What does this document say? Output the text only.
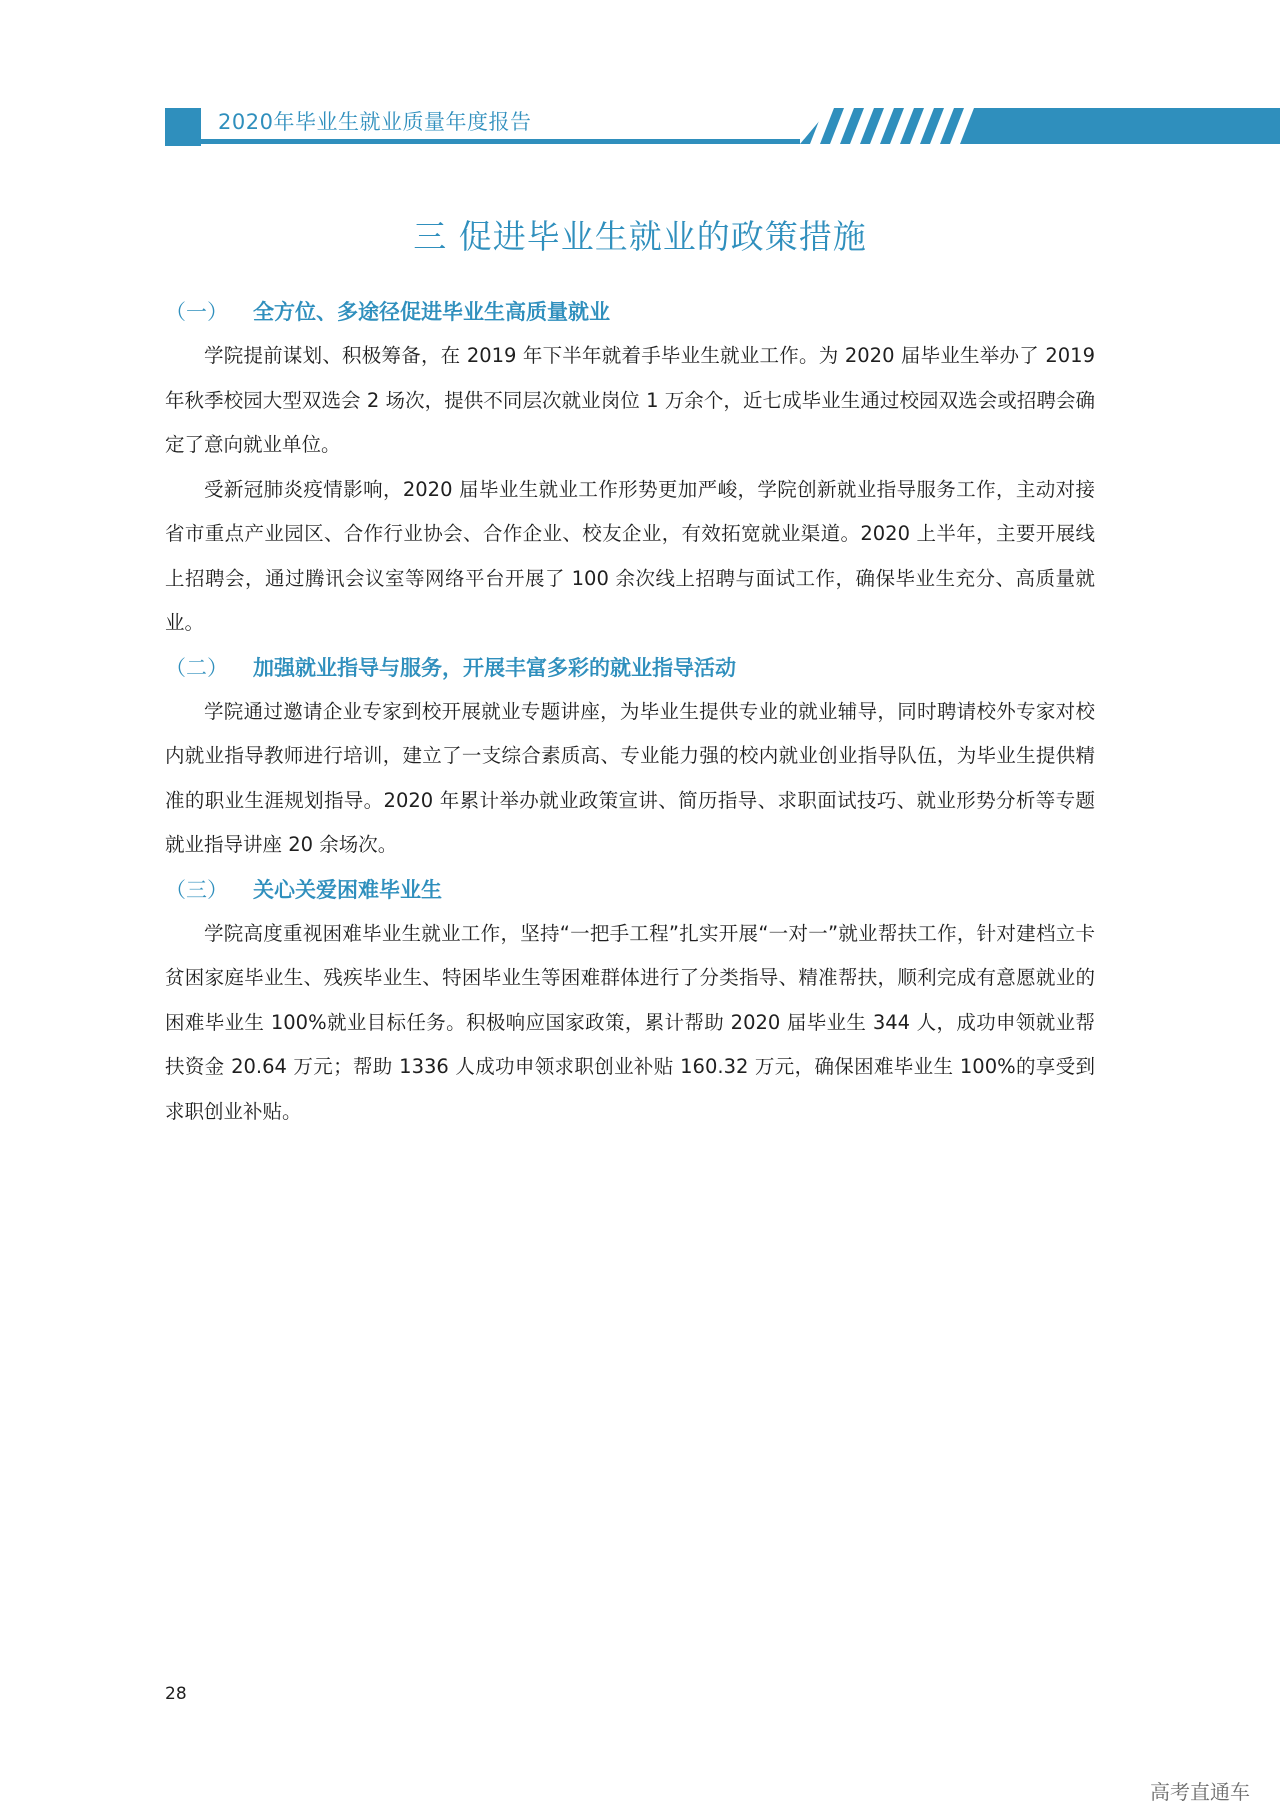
2020年毕业生就业质量年度报告
三 促进毕业生就业的政策措施
（一） 全方位、多途径促进毕业生高质量就业

学院提前谋划、积极筹备，在 2019 年下半年就着手毕业生就业工作。为 2020 届毕业生举办了 2019 年秋季校园大型双选会 2 场次，提供不同层次就业岗位 1 万余个，近七成毕业生通过校园双选会或招聘会确定了意向就业单位。

受新冠肺炎疫情影响，2020 届毕业生就业工作形势更加严峻，学院创新就业指导服务工作，主动对接省市重点产业园区、合作行业协会、合作企业、校友企业，有效拓宽就业渠道。2020 上半年，主要开展线上招聘会，通过腾讯会议室等网络平台开展了 100 余次线上招聘与面试工作，确保毕业生充分、高质量就业。

（二） 加强就业指导与服务，开展丰富多彩的就业指导活动

学院通过邀请企业专家到校开展就业专题讲座，为毕业生提供专业的就业辅导，同时聘请校外专家对校内就业指导教师进行培训，建立了一支综合素质高、专业能力强的校内就业创业指导队伍，为毕业生提供精准的职业生涯规划指导。2020 年累计举办就业政策宣讲、简历指导、求职面试技巧、就业形势分析等专题就业指导讲座 20 余场次。

（三） 关心关爱困难毕业生

学院高度重视困难毕业生就业工作，坚持“一把手工程”扎实开展“一对一”就业帮扶工作，针对建档立卡贫困家庭毕业生、残疾毕业生、特困毕业生等困难群体进行了分类指导、精准帮扶，顺利完成有意愿就业的困难毕业生 100%就业目标任务。积极响应国家政策，累计帮助 2020 届毕业生 344 人，成功申领就业帮扶资金 20.64 万元；帮助 1336 人成功申领求职创业补贴 160.32 万元，确保困难毕业生 100%的享受到求职创业补贴。

28
高考直通车
